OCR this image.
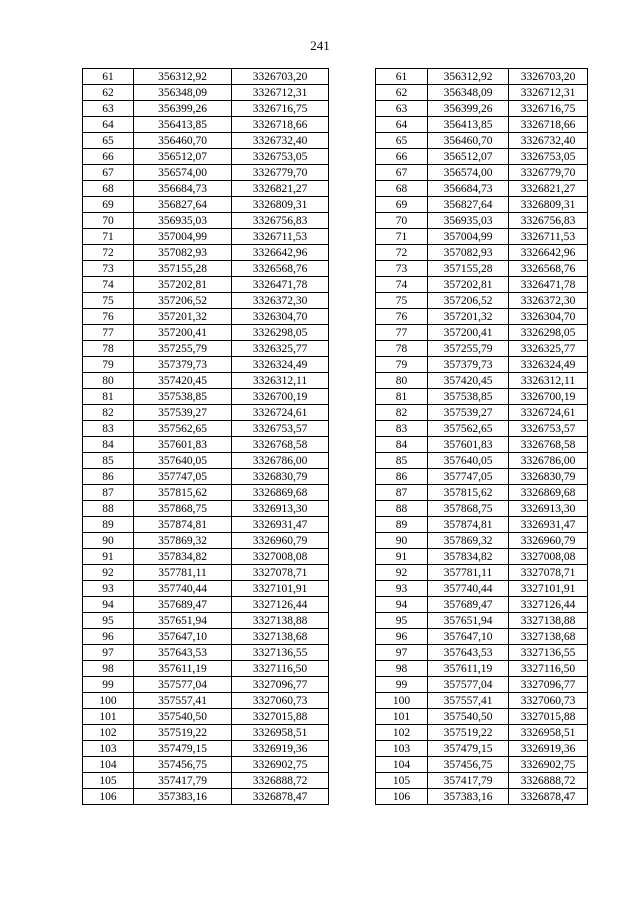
241
61	356312,92	3326703,20
62	356348,09	3326712,31
63	356399,26	3326716,75
64	356413,85	3326718,66
65	356460,70	3326732,40
66	356512,07	3326753,05
67	356574,00	3326779,70
68	356684,73	3326821,27
69	356827,64	3326809,31
70	356935,03	3326756,83
71	357004,99	3326711,53
72	357082,93	3326642,96
73	357155,28	3326568,76
74	357202,81	3326471,78
75	357206,52	3326372,30
76	357201,32	3326304,70
77	357200,41	3326298,05
78	357255,79	3326325,77
79	357379,73	3326324,49
80	357420,45	3326312,11
81	357538,85	3326700,19
82	357539,27	3326724,61
83	357562,65	3326753,57
84	357601,83	3326768,58
85	357640,05	3326786,00
86	357747,05	3326830,79
87	357815,62	3326869,68
88	357868,75	3326913,30
89	357874,81	3326931,47
90	357869,32	3326960,79
91	357834,82	3327008,08
92	357781,11	3327078,71
93	357740,44	3327101,91
94	357689,47	3327126,44
95	357651,94	3327138,88
96	357647,10	3327138,68
97	357643,53	3327136,55
98	357611,19	3327116,50
99	357577,04	3327096,77
100	357557,41	3327060,73
101	357540,50	3327015,88
102	357519,22	3326958,51
103	357479,15	3326919,36
104	357456,75	3326902,75
105	357417,79	3326888,72
106	357383,16	3326878,47
61	356312,92	3326703,20
62	356348,09	3326712,31
63	356399,26	3326716,75
64	356413,85	3326718,66
65	356460,70	3326732,40
66	356512,07	3326753,05
67	356574,00	3326779,70
68	356684,73	3326821,27
69	356827,64	3326809,31
70	356935,03	3326756,83
71	357004,99	3326711,53
72	357082,93	3326642,96
73	357155,28	3326568,76
74	357202,81	3326471,78
75	357206,52	3326372,30
76	357201,32	3326304,70
77	357200,41	3326298,05
78	357255,79	3326325,77
79	357379,73	3326324,49
80	357420,45	3326312,11
81	357538,85	3326700,19
82	357539,27	3326724,61
83	357562,65	3326753,57
84	357601,83	3326768,58
85	357640,05	3326786,00
86	357747,05	3326830,79
87	357815,62	3326869,68
88	357868,75	3326913,30
89	357874,81	3326931,47
90	357869,32	3326960,79
91	357834,82	3327008,08
92	357781,11	3327078,71
93	357740,44	3327101,91
94	357689,47	3327126,44
95	357651,94	3327138,88
96	357647,10	3327138,68
97	357643,53	3327136,55
98	357611,19	3327116,50
99	357577,04	3327096,77
100	357557,41	3327060,73
101	357540,50	3327015,88
102	357519,22	3326958,51
103	357479,15	3326919,36
104	357456,75	3326902,75
105	357417,79	3326888,72
106	357383,16	3326878,47
